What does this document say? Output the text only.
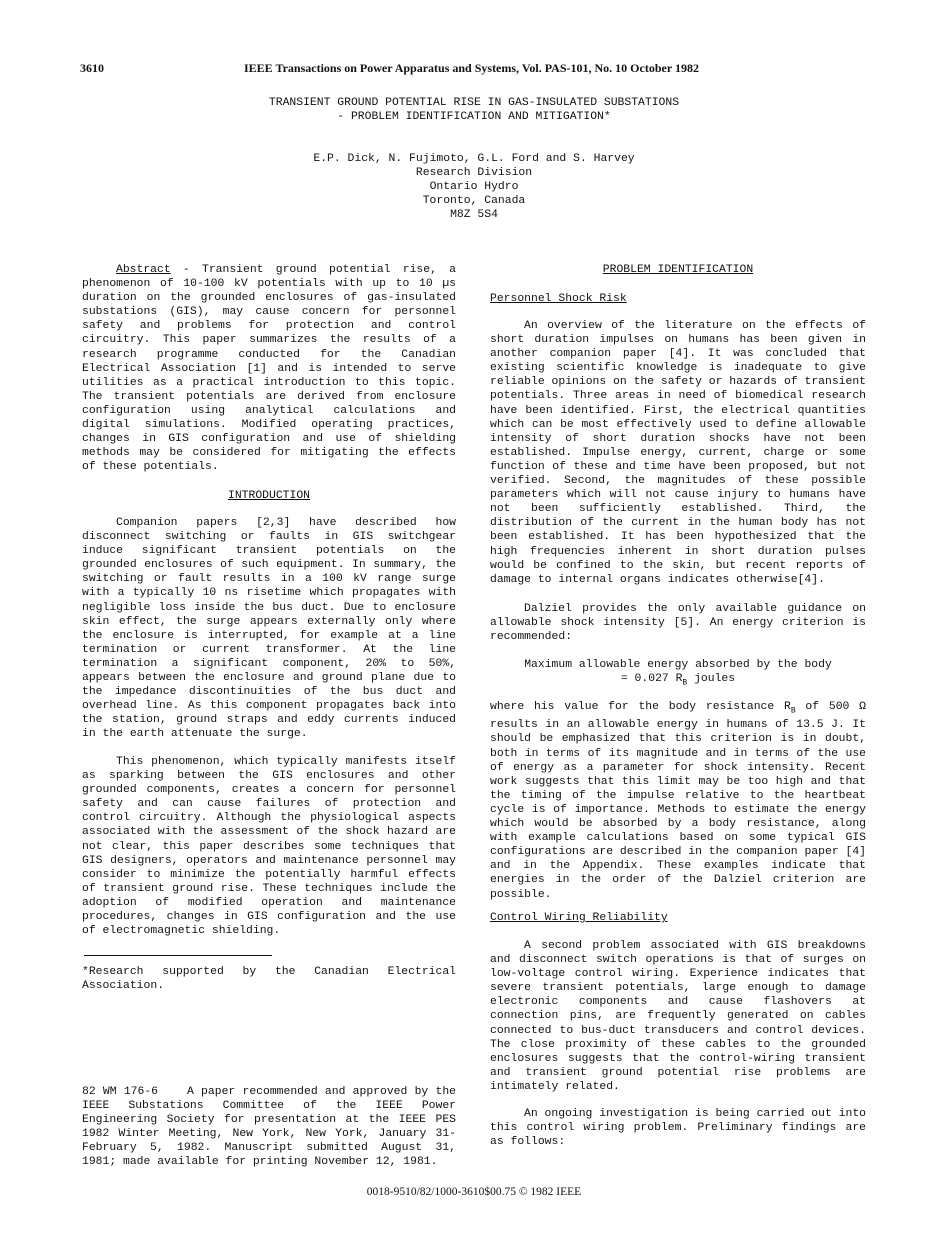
3610	IEEE Transactions on Power Apparatus and Systems, Vol. PAS-101, No. 10 October 1982
TRANSIENT GROUND POTENTIAL RISE IN GAS-INSULATED SUBSTATIONS
- PROBLEM IDENTIFICATION AND MITIGATION*
E.P. Dick, N. Fujimoto, G.L. Ford and S. Harvey
Research Division
Ontario Hydro
Toronto, Canada
M8Z 5S4

Abstract - Transient ground potential rise, a phenomenon of 10-100 kV potentials with up to 10 µs duration on the grounded enclosures of gas-insulated substations (GIS), may cause concern for personnel safety and problems for protection and control circuitry. This paper summarizes the results of a research programme conducted for the Canadian Electrical Association [1] and is intended to serve utilities as a practical introduction to this topic. The transient potentials are derived from enclosure configuration using analytical calculations and digital simulations. Modified operating practices, changes in GIS configuration and use of shielding methods may be considered for mitigating the effects of these potentials.

INTRODUCTION

Companion papers [2,3] have described how disconnect switching or faults in GIS switchgear induce significant transient potentials on the grounded enclosures of such equipment. In summary, the switching or fault results in a 100 kV range surge with a typically 10 ns risetime which propagates with negligible loss inside the bus duct. Due to enclosure skin effect, the surge appears externally only where the enclosure is interrupted, for example at a line termination or current transformer. At the line termination a significant component, 20% to 50%, appears between the enclosure and ground plane due to the impedance discontinuities of the bus duct and overhead line. As this component propagates back into the station, ground straps and eddy currents induced in the earth attenuate the surge.

This phenomenon, which typically manifests itself as sparking between the GIS enclosures and other grounded components, creates a concern for personnel safety and can cause failures of protection and control circuitry. Although the physiological aspects associated with the assessment of the shock hazard are not clear, this paper describes some techniques that GIS designers, operators and maintenance personnel may consider to minimize the potentially harmful effects of transient ground rise. These techniques include the adoption of modified operation and maintenance procedures, changes in GIS configuration and the use of electromagnetic shielding.

*Research supported by the Canadian Electrical Association.

82 WM 176-6	A paper recommended and approved by the IEEE Substations Committee of the IEEE Power Engineering Society for presentation at the IEEE PES 1982 Winter Meeting, New York, New York, January 31-February 5, 1982. Manuscript submitted August 31, 1981; made available for printing November 12, 1981.

PROBLEM IDENTIFICATION
Personnel Shock Risk

An overview of the literature on the effects of short duration impulses on humans has been given in another companion paper [4]. It was concluded that existing scientific knowledge is inadequate to give reliable opinions on the safety or hazards of transient potentials. Three areas in need of biomedical research have been identified. First, the electrical quantities which can be most effectively used to define allowable intensity of short duration shocks have not been established. Impulse energy, current, charge or some function of these and time have been proposed, but not verified. Second, the magnitudes of these possible parameters which will not cause injury to humans have not been sufficiently established. Third, the distribution of the current in the human body has not been established. It has been hypothesized that the high frequencies inherent in short duration pulses would be confined to the skin, but recent reports of damage to internal organs indicates otherwise[4].

Dalziel provides the only available guidance on allowable shock intensity [5]. An energy criterion is recommended:

Maximum allowable energy absorbed by the body
= 0.027 $R_B$ joules

where his value for the body resistance $R_B$ of 500 Ω results in an allowable energy in humans of 13.5 J. It should be emphasized that this criterion is in doubt, both in terms of its magnitude and in terms of the use of energy as a parameter for shock intensity. Recent work suggests that this limit may be too high and that the timing of the impulse relative to the heartbeat cycle is of importance. Methods to estimate the energy which would be absorbed by a body resistance, along with example calculations based on some typical GIS configurations are described in the companion paper [4] and in the Appendix. These examples indicate that energies in the order of the Dalziel criterion are possible.

Control Wiring Reliability

A second problem associated with GIS breakdowns and disconnect switch operations is that of surges on low-voltage control wiring. Experience indicates that severe transient potentials, large enough to damage electronic components and cause flashovers at connection pins, are frequently generated on cables connected to bus-duct transducers and control devices. The close proximity of these cables to the grounded enclosures suggests that the control-wiring transient and transient ground potential rise problems are intimately related.

An ongoing investigation is being carried out into this control wiring problem. Preliminary findings are as follows:

0018-9510/82/1000-3610$00.75 © 1982 IEEE
